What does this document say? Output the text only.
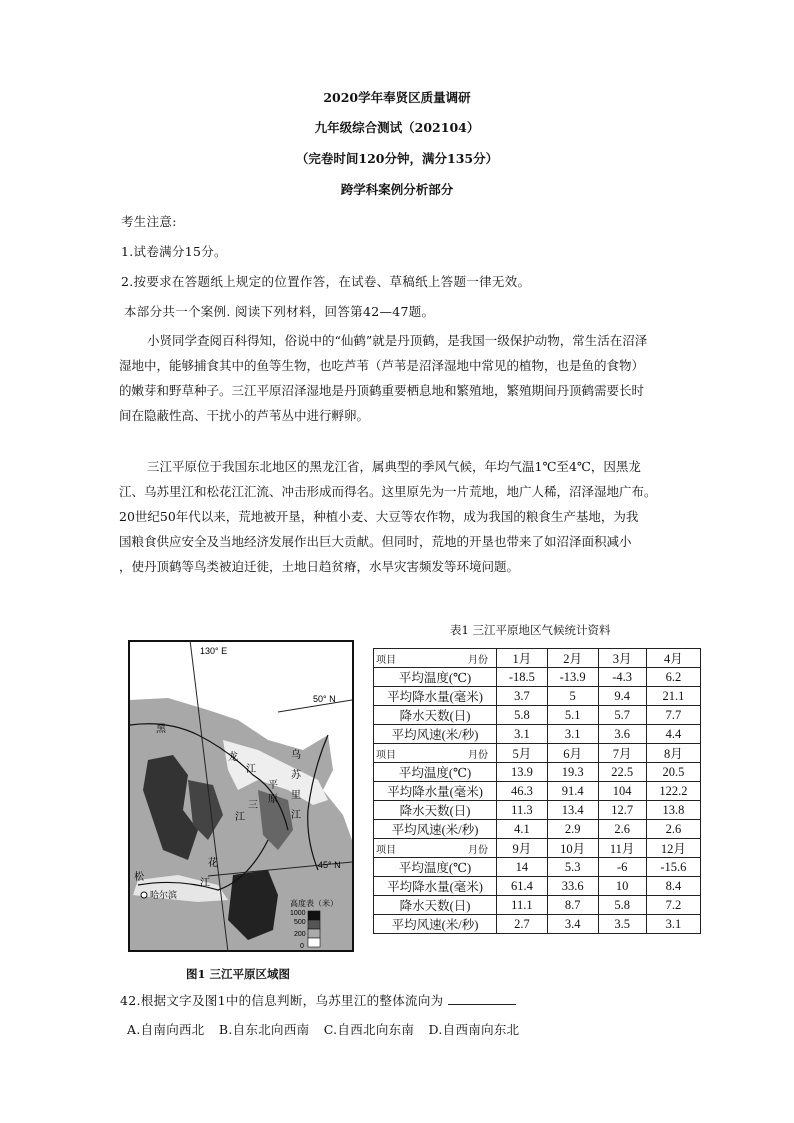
2020学年奉贤区质量调研
九年级综合测试（202104）
（完卷时间120分钟，满分135分）
跨学科案例分析部分
考生注意:
1.试卷满分15分。
2.按要求在答题纸上规定的位置作答，在试卷、草稿纸上答题一律无效。
本部分共一个案例. 阅读下列材料，回答第42—47题。

小贤同学查阅百科得知，俗说中的“仙鹤”就是丹顶鹤，是我国一级保护动物，常生活在沼泽

湿地中，能够捕食其中的鱼等生物，也吃芦苇（芦苇是沼泽湿地中常见的植物，也是鱼的食物）

的嫩芽和野草种子。三江平原沼泽湿地是丹顶鹤重要栖息地和繁殖地，繁殖期间丹顶鹤需要长时

间在隐蔽性高、干扰小的芦苇丛中进行孵卵。

三江平原位于我国东北地区的黑龙江省，属典型的季风气候，年均气温1℃至4℃，因黑龙

江、乌苏里江和松花江汇流、冲击形成而得名。这里原先为一片荒地，地广人稀，沼泽湿地广布。

20世纪50年代以来，荒地被开垦，种植小麦、大豆等农作物，成为我国的粮食生产基地，为我

国粮食供应安全及当地经济发展作出巨大贡献。但同时，荒地的开垦也带来了如沼泽面积减小

，使丹顶鹤等鸟类被迫迁徙，土地日趋贫瘠，水旱灾害频发等环境问题。

130° E
50° N
45° N
黑
龙
江
乌
苏
里
江
三
江
平
原
松
花
江
哈尔滨
高度表（米）
1000
500
200
0
图1 三江平原区域图
表1 三江平原地区气候统计资料
项目 月份	1月	2月	3月	4月
平均温度(℃)	-18.5	-13.9	-4.3	6.2
平均降水量(毫米)	3.7	5	9.4	21.1
降水天数(日)	5.8	5.1	5.7	7.7
平均风速(米/秒)	3.1	3.1	3.6	4.4
项目 月份	5月	6月	7月	8月
平均温度(℃)	13.9	19.3	22.5	20.5
平均降水量(毫米)	46.3	91.4	104	122.2
降水天数(日)	11.3	13.4	12.7	13.8
平均风速(米/秒)	4.1	2.9	2.6	2.6
项目 月份	9月	10月	11月	12月
平均温度(℃)	14	5.3	-6	-15.6
平均降水量(毫米)	61.4	33.6	10	8.4
降水天数(日)	11.1	8.7	5.8	7.2
平均风速(米/秒)	2.7	3.4	3.5	3.1
42.根据文字及图1中的信息判断，乌苏里江的整体流向为
A.自南向西北 B.自东北向西南 C.自西北向东南 D.自西南向东北
